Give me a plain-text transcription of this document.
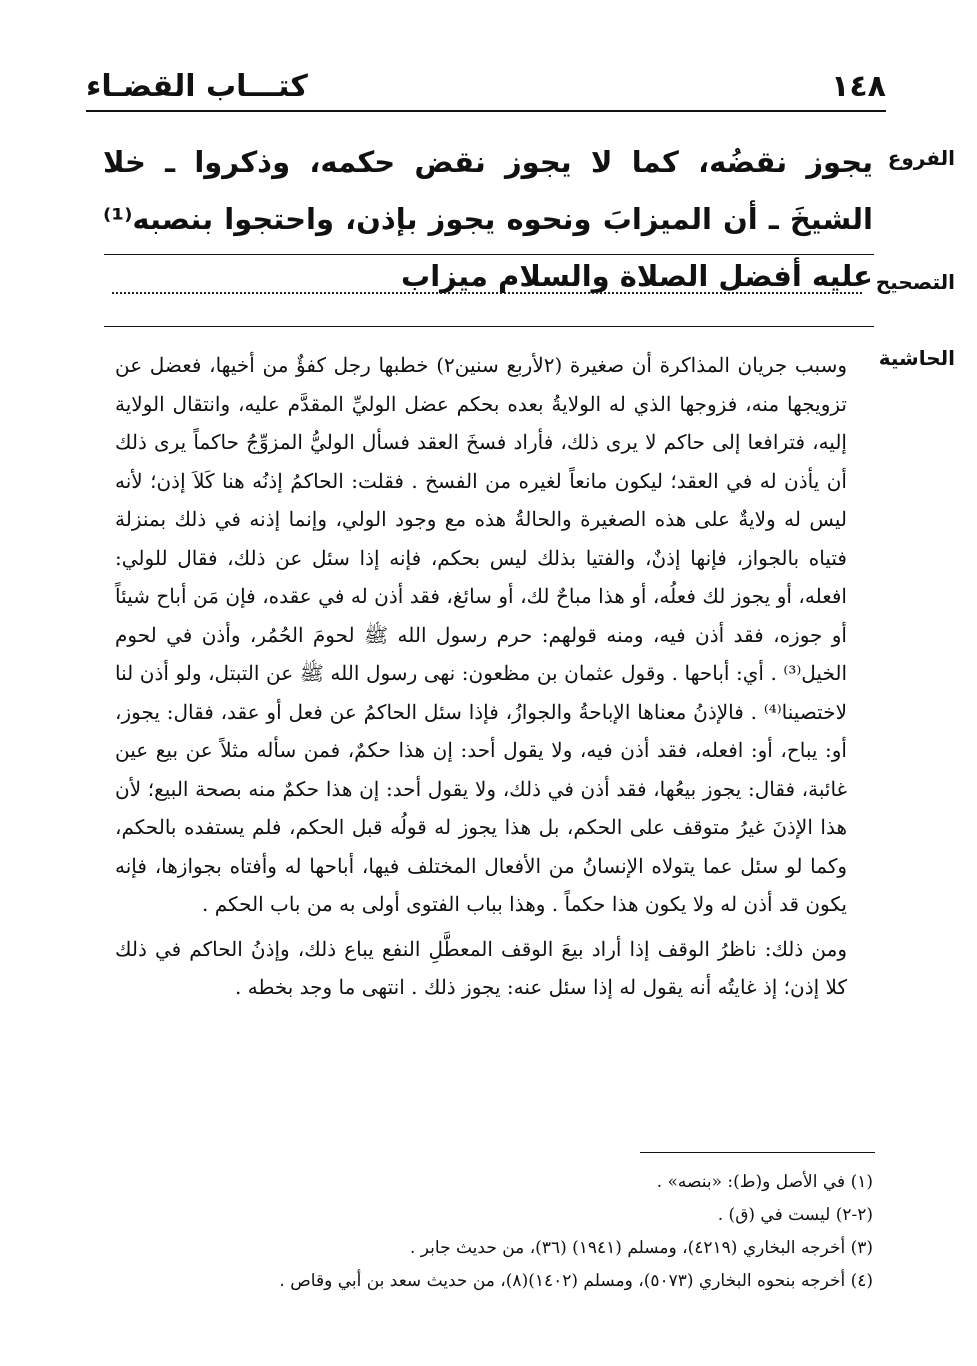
١٤٨
كتـــاب القضـاء
الفروع
يجوز نقضُه، كما لا يجوز نقض حكمه، وذكروا ـ خلا الشيخَ ـ أن الميزابَ ونحوه يجوز بإذن، واحتجوا بنصبه⁽¹⁾ عليه أفضل الصلاة والسلام ميزاب التصحيح
الحاشية

وسبب جريان المذاكرة أن صغيرة (٢لأربع سنين٢) خطبها رجل كفؤٌ من أخيها، فعضل عن تزويجها منه، فزوجها الذي له الولايةُ بعده بحكم عضل الوليِّ المقدَّم عليه، وانتقال الولاية إليه، فترافعا إلى حاكم لا يرى ذلك، فأراد فسخَ العقد فسأل الوليُّ المزوِّجُ حاكماً يرى ذلك أن يأذن له في العقد؛ ليكون مانعاً لغيره من الفسخ . فقلت: الحاكمُ إذنُه هنا كَلاَ إذن؛ لأنه ليس له ولايةٌ على هذه الصغيرة والحالةُ هذه مع وجود الولي، وإنما إذنه في ذلك بمنزلة فتياه بالجواز، فإنها إذنٌ، والفتيا بذلك ليس بحكم، فإنه إذا سئل عن ذلك، فقال للولي: افعله، أو يجوز لك فعلُه، أو هذا مباحٌ لك، أو سائغ، فقد أذن له في عقده، فإن مَن أباح شيئاً أو جوزه، فقد أذن فيه، ومنه قولهم: حرم رسول الله ﷺ لحومَ الحُمُر، وأذن في لحوم الخيل⁽³⁾ . أي: أباحها . وقول عثمان بن مظعون: نهى رسول الله ﷺ عن التبتل، ولو أذن لنا لاختصينا⁽⁴⁾ . فالإذنُ معناها الإباحةُ والجوازُ، فإذا سئل الحاكمُ عن فعل أو عقد، فقال: يجوز، أو: يباح، أو: افعله، فقد أذن فيه، ولا يقول أحد: إن هذا حكمٌ، فمن سأله مثلاً عن بيع عين غائبة، فقال: يجوز بيعُها، فقد أذن في ذلك، ولا يقول أحد: إن هذا حكمٌ منه بصحة البيع؛ لأن هذا الإذنَ غيرُ متوقف على الحكم، بل هذا يجوز له قولُه قبل الحكم، فلم يستفده بالحكم، وكما لو سئل عما يتولاه الإنسانُ من الأفعال المختلف فيها، أباحها له وأفتاه بجوازها، فإنه يكون قد أذن له ولا يكون هذا حكماً . وهذا بباب الفتوى أولى به من باب الحكم .

ومن ذلك: ناظرُ الوقف إذا أراد بيعَ الوقف المعطَّلِ النفع يباع ذلك، وإذنُ الحاكم في ذلك كلا إذن؛ إذ غايتُه أنه يقول له إذا سئل عنه: يجوز ذلك . انتهى ما وجد بخطه .

(١) في الأصل و(ط): «بنصه» .
(٢-٢) ليست في (ق) .
(٣) أخرجه البخاري (٤٢١٩)، ومسلم (١٩٤١) (٣٦)، من حديث جابر .
(٤) أخرجه بنحوه البخاري (٥٠٧٣)، ومسلم (١٤٠٢)(٨)، من حديث سعد بن أبي وقاص .
